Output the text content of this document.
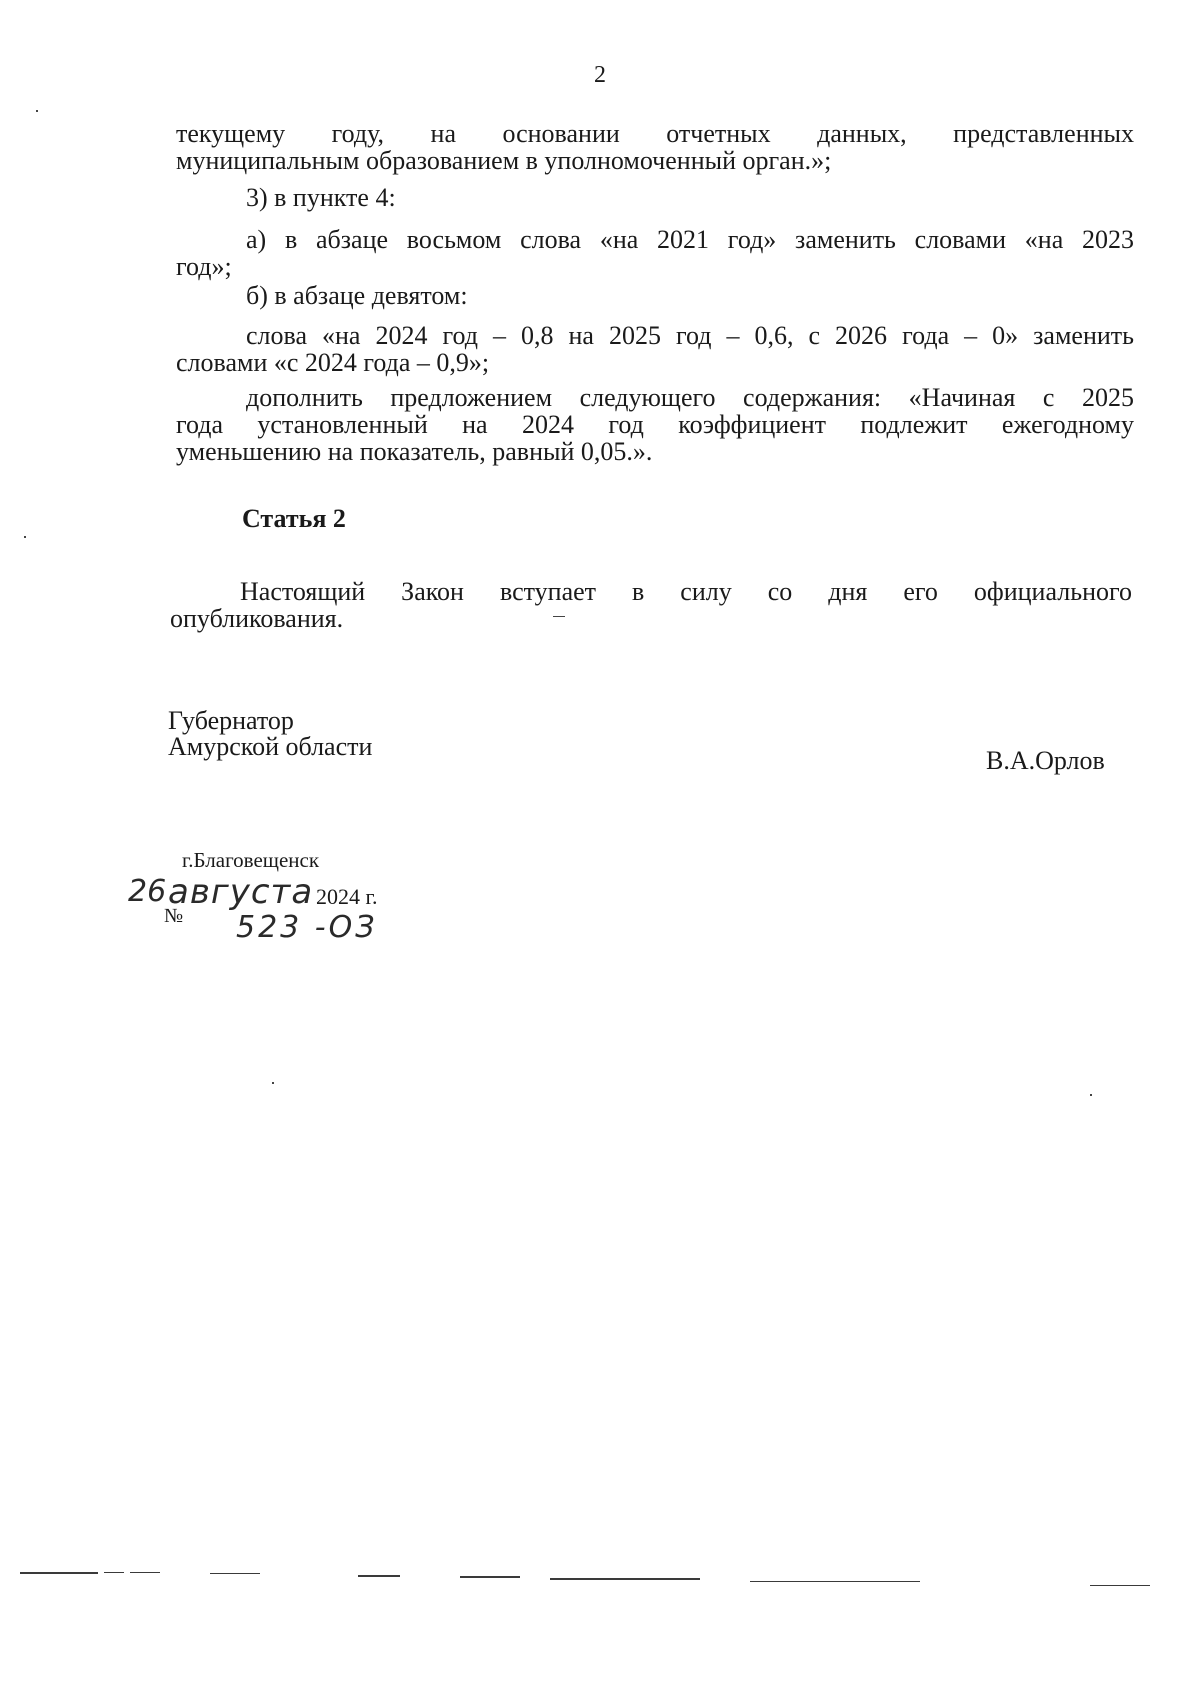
2
текущему году, на основании отчетных данных, представленных
муниципальным образованием в уполномоченный орган.»;
3) в пункте 4:
а) в абзаце восьмом слова «на 2021 год» заменить словами «на 2023
год»;
б) в абзаце девятом:
слова «на 2024 год – 0,8 на 2025 год – 0,6, с 2026 года – 0» заменить
словами «с 2024 года – 0,9»;
дополнить предложением следующего содержания: «Начиная с 2025
года установленный на 2024 год коэффициент подлежит ежегодному
уменьшению на показатель, равный 0,05.».
Статья 2
Настоящий Закон вступает в силу со дня его официального
опубликования.
Губернатор
Амурской области	В.А.Орлов
г.Благовещенск
26 августа 2024 г.
№ 523 -ОЗ
